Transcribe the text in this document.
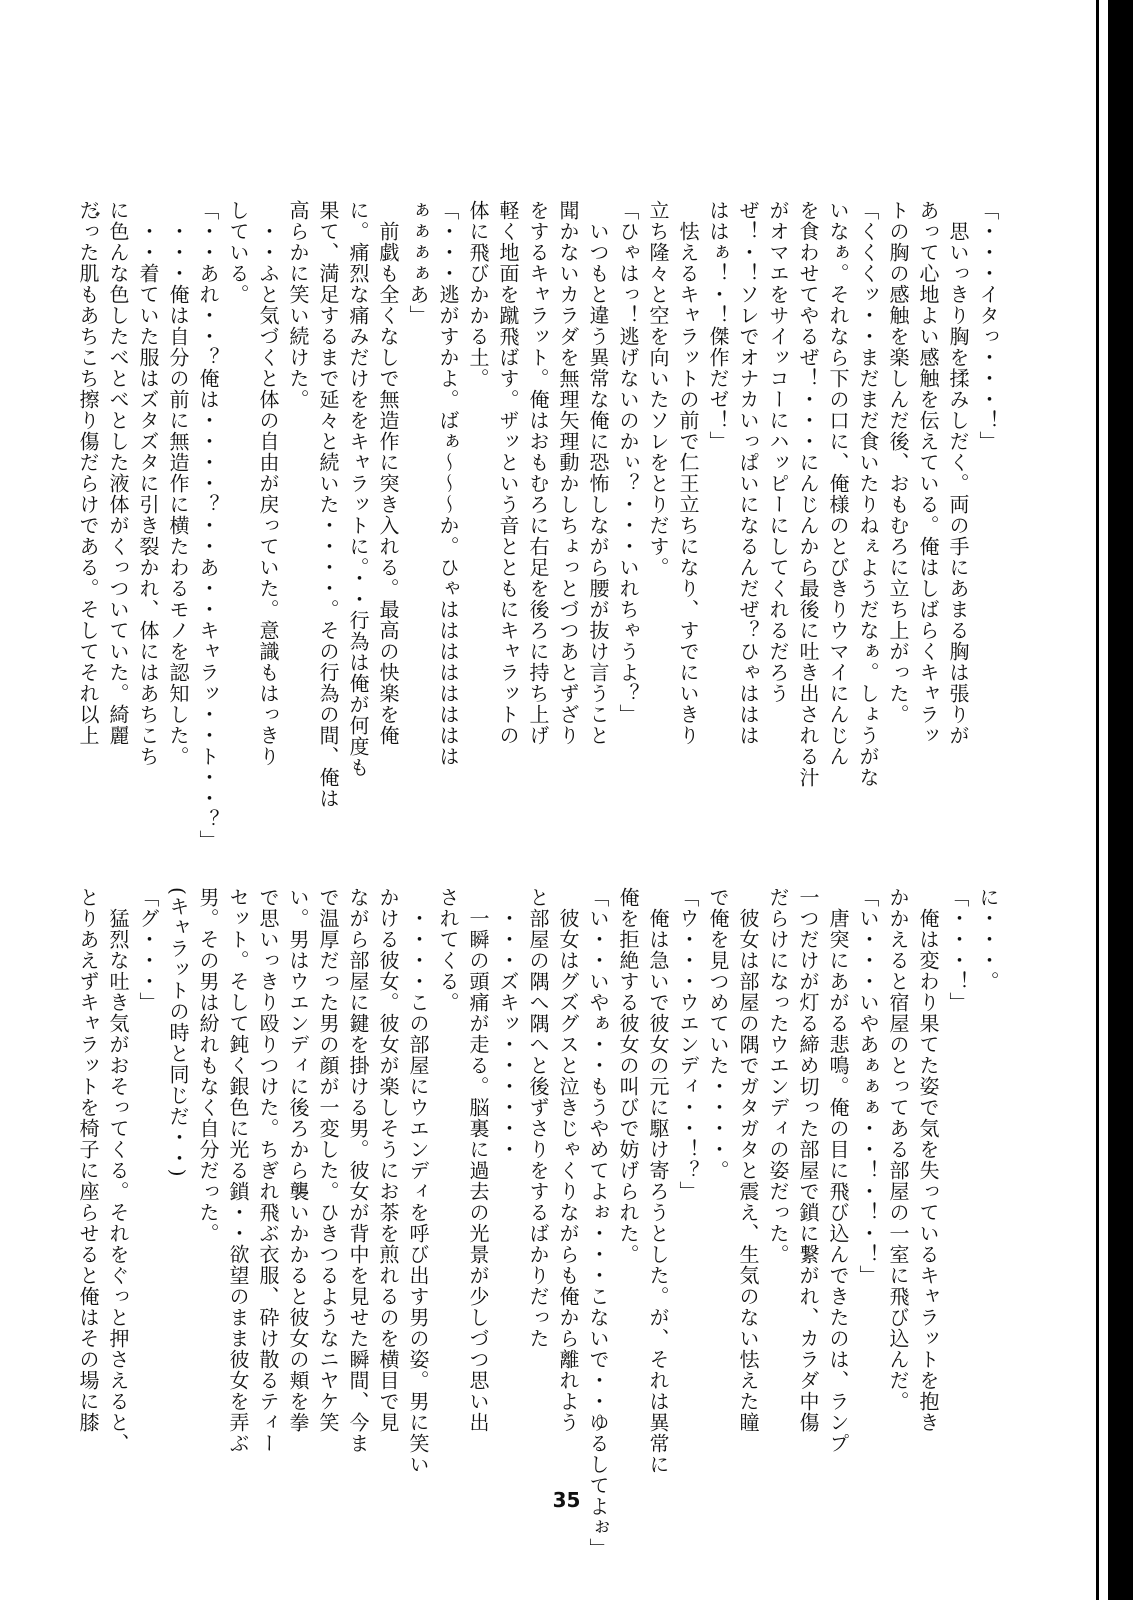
「・・・イタっ・・・！」

　思いっきり胸を揉みしだく。両の手にあまる胸は張りが

あって心地よい感触を伝えている。俺はしばらくキャラッ

トの胸の感触を楽しんだ後、おもむろに立ち上がった。

「くくくッ・・まだまだ食いたりねぇようだなぁ。しょうがな

いなぁ。それなら下の口に、俺様のとびきりウマイにんじん

を食わせてやるぜ！・・・にんじんから最後に吐き出される汁

がオマエをサイッコーにハッピーにしてくれるだろう

ぜ！・！ソレでオナカいっぱいになるんだぜ？ひゃははは

ははぁ！・！傑作だゼ！」

　怯えるキャラットの前で仁王立ちになり、すでにいきり

立ち隆々と空を向いたソレをとりだす。

「ひゃはっ！逃げないのかぃ？・・・いれちゃうよ？」

　いつもと違う異常な俺に恐怖しながら腰が抜け言うこと

聞かないカラダを無理矢理動かしちょっとづつあとずざり

をするキャラット。俺はおもむろに右足を後ろに持ち上げ

軽く地面を蹴飛ばす。ザッという音とともにキャラットの

体に飛びかかる土。

「・・・逃がすかよ。ばぁ〜〜〜か。ひゃはははははははは

ぁぁぁぁあ」

　前戯も全くなしで無造作に突き入れる。最高の快楽を俺

に。痛烈な痛みだけををキャラットに。・・行為は俺が何度も

果て、満足するまで延々と続いた・・・・。その行為の間、俺は

高らかに笑い続けた。

　・・ふと気づくと体の自由が戻っていた。意識もはっきり

している。

「・・あれ・・？俺は・・・・？・・あ・・キャラッ・・ト・・？」

　・・・俺は自分の前に無造作に横たわるモノを認知した。

　・・着ていた服はズタズタに引き裂かれ、体にはあちこち

に色んな色したべとべとした液体がくっついていた。綺麗

だった肌もあちこち擦り傷だらけである。そしてそれ以上

に・・・。

「・・・！」

　俺は変わり果てた姿で気を失っているキャラットを抱き

かかえると宿屋のとってある部屋の一室に飛び込んだ。

「い・・・いやあぁぁぁ・・！・！・！」

　唐突にあがる悲鳴。俺の目に飛び込んできたのは、ランプ

一つだけが灯る締め切った部屋で鎖に繋がれ、カラダ中傷

だらけになったウエンディの姿だった。

　彼女は部屋の隅でガタガタと震え、生気のない怯えた瞳

で俺を見つめていた・・・・。

「ウ・・・ウエンディ・・！？」

　俺は急いで彼女の元に駆け寄ろうとした。が、それは異常に

俺を拒絶する彼女の叫びで妨げられた。

「い・・いやぁ・・もうやめてよぉ・・・こないで・・ゆるしてよぉ」

　彼女はグズグスと泣きじゃくりながらも俺から離れよう

と部屋の隅へ隅へと後ずさりをするばかりだった

　・・・ズキッ・・・・・・

　一瞬の頭痛が走る。脳裏に過去の光景が少しづつ思い出

されてくる。

　・・・・この部屋にウエンディを呼び出す男の姿。男に笑い

かける彼女。彼女が楽しそうにお茶を煎れるのを横目で見

ながら部屋に鍵を掛ける男。彼女が背中を見せた瞬間、今ま

で温厚だった男の顔が一変した。ひきつるようなニヤケ笑

い。男はウエンディに後ろから襲いかかると彼女の頬を拳

で思いっきり殴りつけた。ちぎれ飛ぶ衣服、砕け散るティー

セット。そして鈍く銀色に光る鎖・・欲望のまま彼女を弄ぶ

男。その男は紛れもなく自分だった。

(キャラットの時と同じだ・・)

「グ・・・」

　猛烈な吐き気がおそってくる。それをぐっと押さえると、

とりあえずキャラットを椅子に座らせると俺はその場に膝

35
